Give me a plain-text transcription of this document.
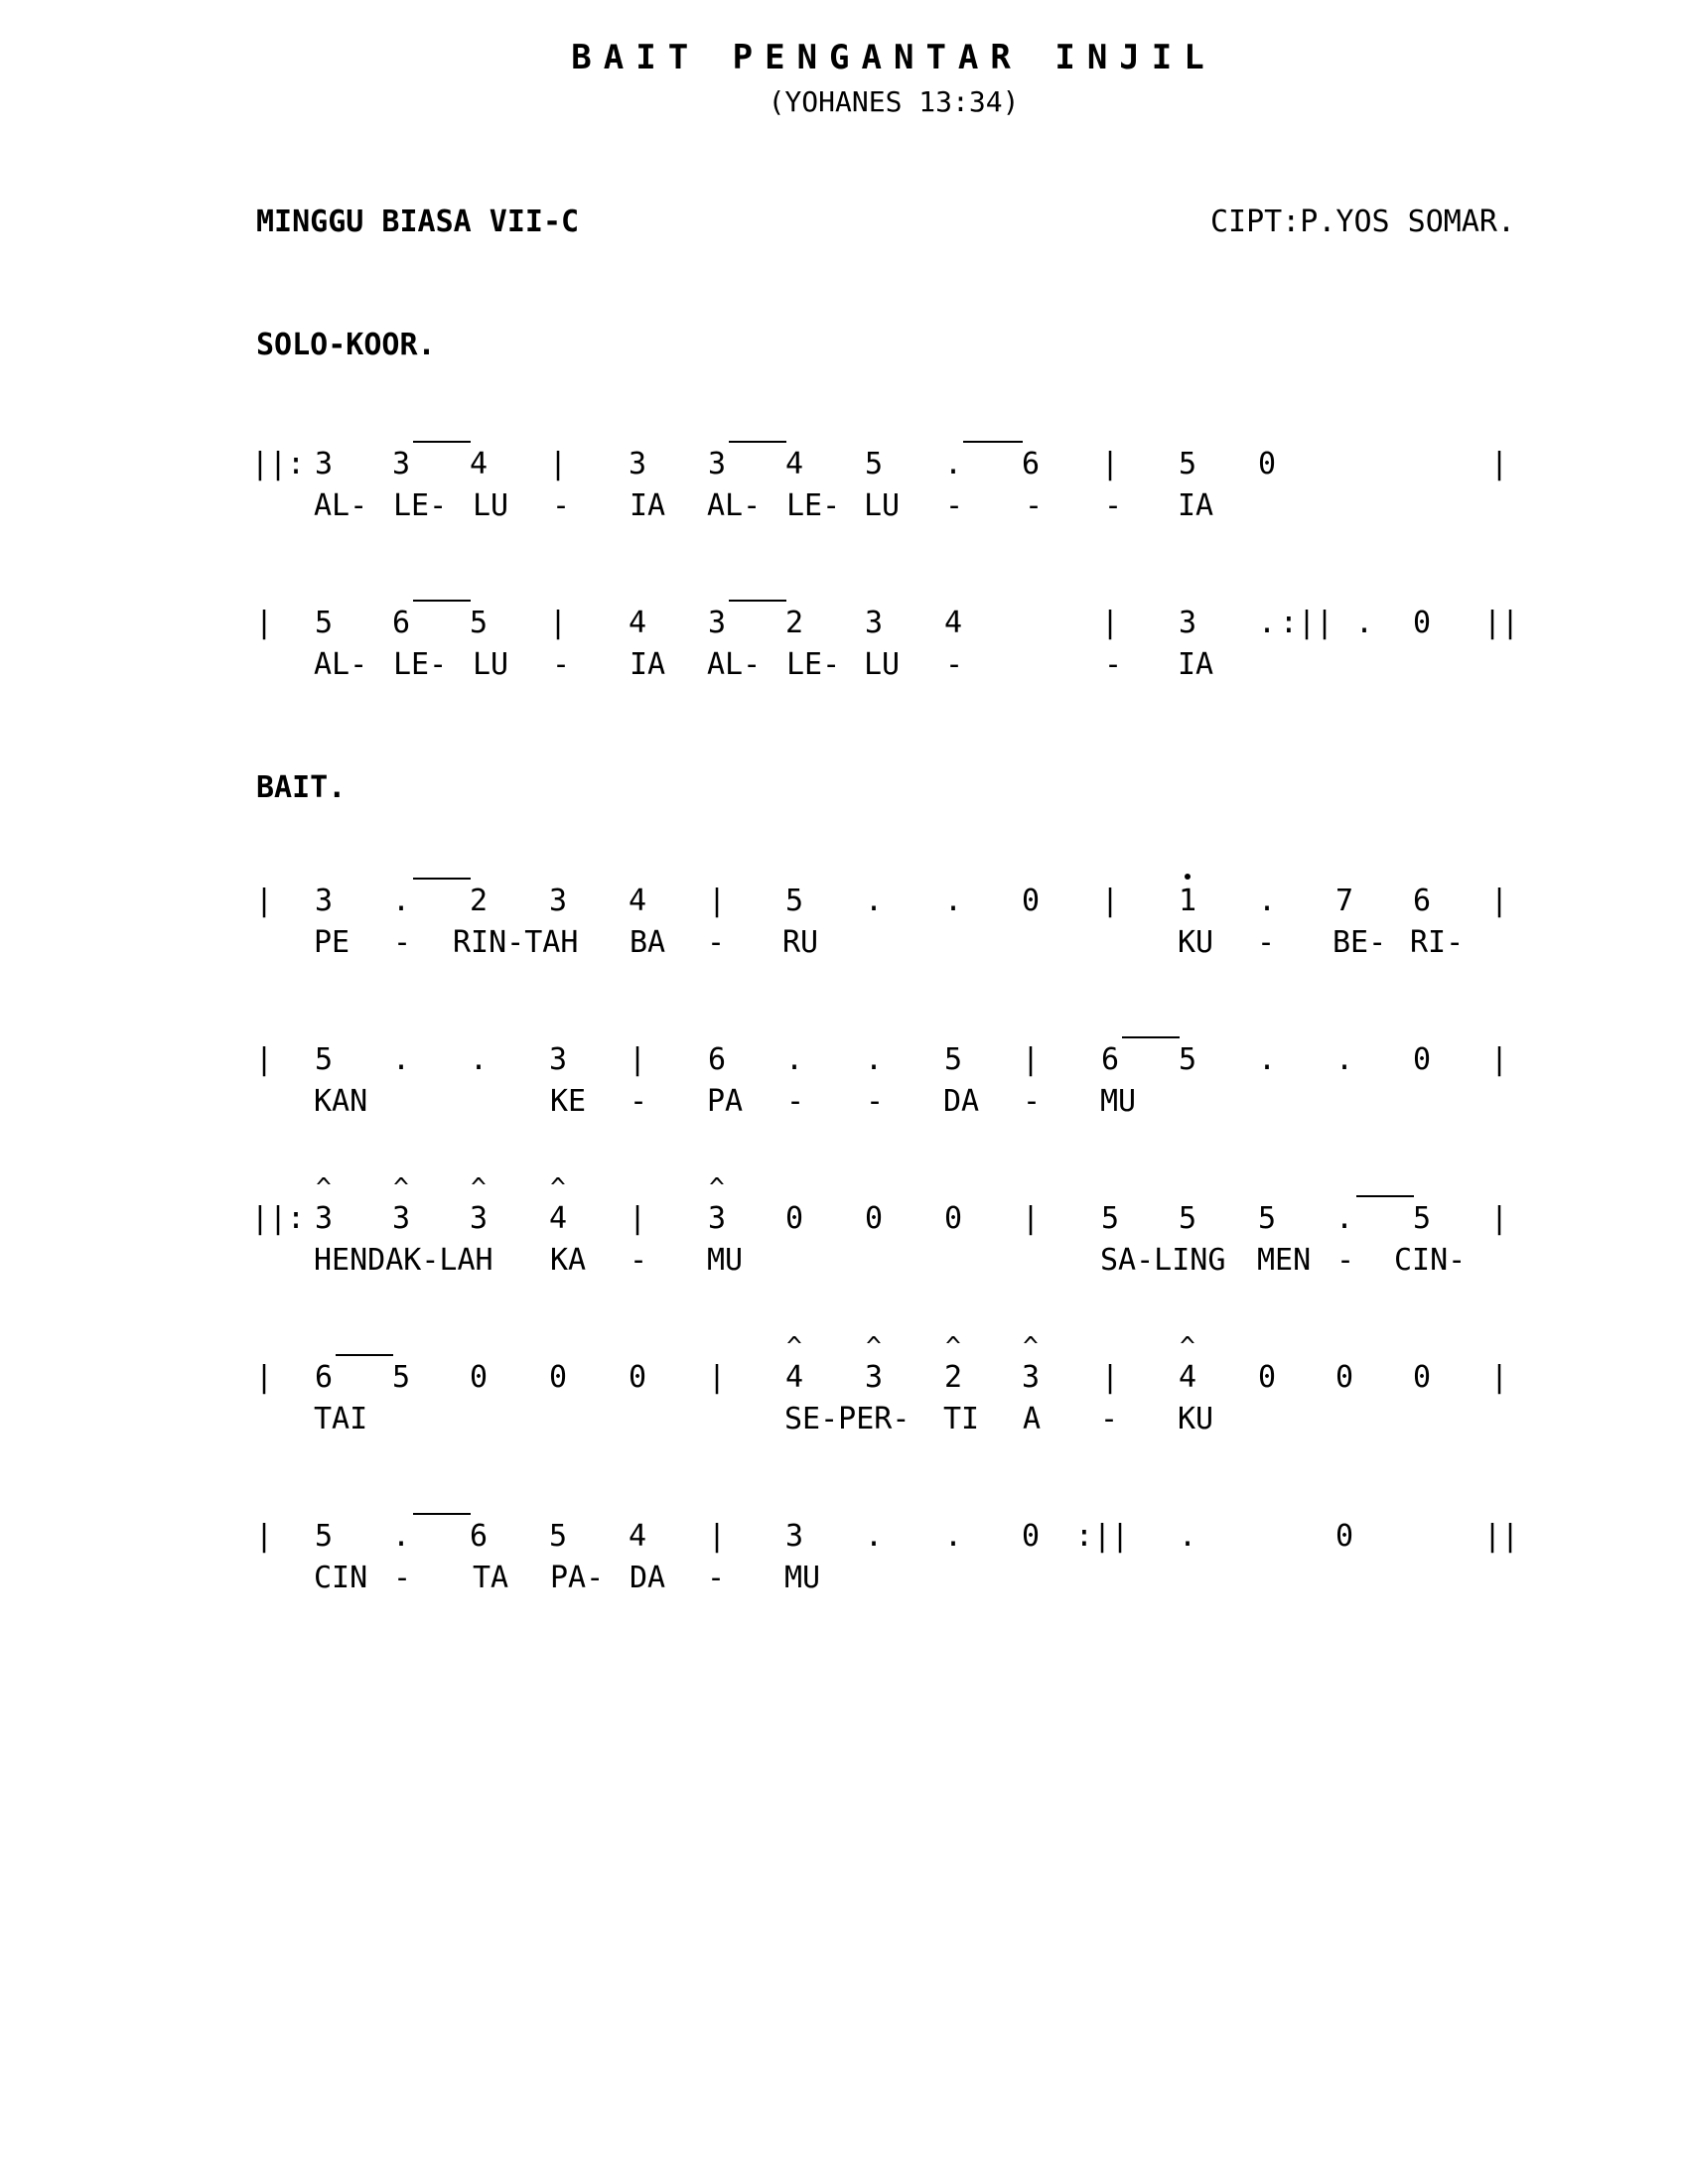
BAIT PENGANTAR INJIL
(YOHANES 13:34)
MINGGU BIASA VII-C	CIPT:P.YOS SOMAR.
SOLO-KOOR.
BAIT.
||: 3 3 4 | 3 3 4 5 . 6 | 5 0	|
AL- LE- LU - IA AL- LE- LU - - - IA
| 5 6 5 | 4 3 2 3 4	| 3 . :|| . 0 ||
AL- LE- LU - IA AL- LE- LU -	- IA
| 3 . 2 3 4 | 5 . . 0 | 1 . 7 6 |
PE - RIN-TAH BA - RU	KU - BE- RI-
| 5 . . 3 | 6 . . 5 | 6 5 . . 0 |
KAN	KE - PA - - DA - MU
||: 3 3 3 4 | 3 0 0 0 | 5 5 5 . 5 |
HENDAK-LAH KA - MU	SA-LING MEN - CIN-
^ ^ ^ ^	^
| 6 5 0 0 0 | 4 3 2 3 | 4 0 0 0 |
TAI	SE-PER- TI A - KU
^ ^ ^ ^	^
| 5 . 6 5 4 | 3 . . 0 :|| .	0	||
CIN - TA PA- DA - MU
